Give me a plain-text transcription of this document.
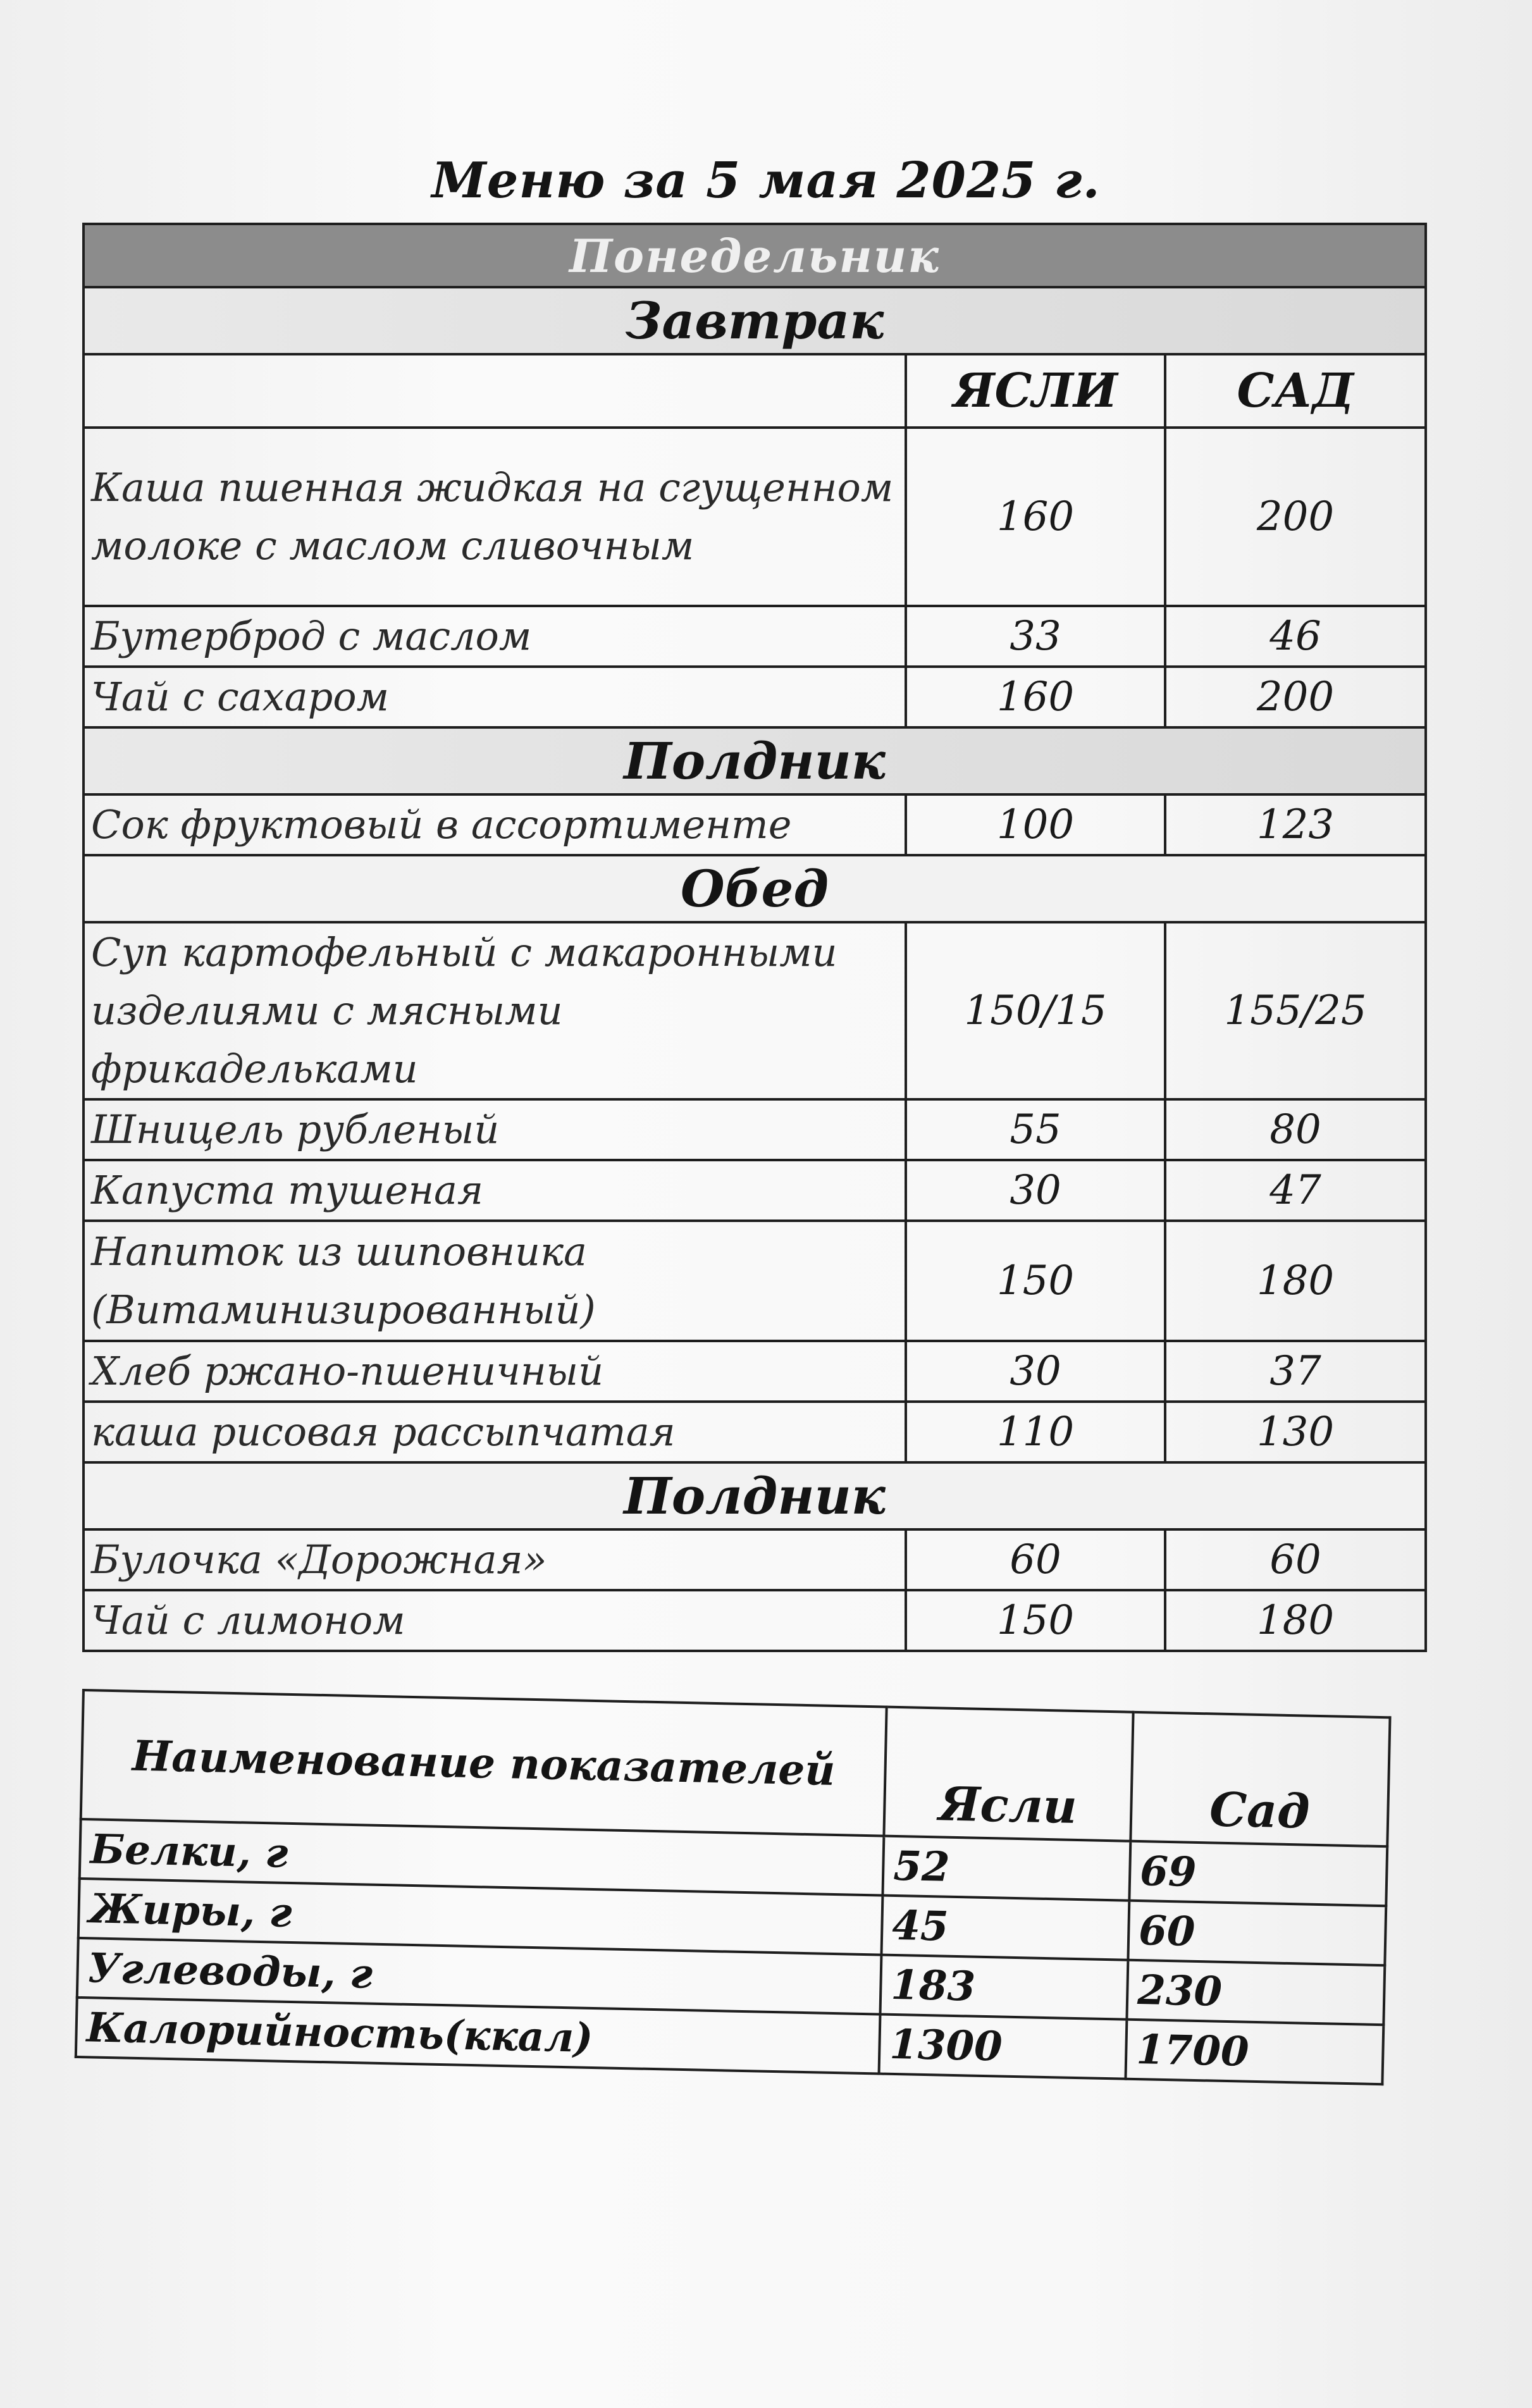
Меню за 5 мая 2025 г.
Понедельник		
Завтрак		
	ЯСЛИ	САД
Каша пшенная жидкая на сгущенном молоке с маслом сливочным	160	200
Бутерброд с маслом	33	46
Чай с сахаром	160	200
Полдник		
Сок фруктовый в ассортименте	100	123
Обед		
Суп картофельный с макаронными изделиями с мясными фрикадельками	150/15	155/25
Шницель рубленый	55	80
Капуста тушеная	30	47
Напиток из шиповника (Витаминизированный)	150	180
Хлеб ржано-пшеничный	30	37
каша рисовая рассыпчатая	110	130
Полдник		
Булочка «Дорожная»	60	60
Чай с лимоном	150	180
Наименование показателей	Ясли	Сад
Белки, г	52	69
Жиры, г	45	60
Углеводы, г	183	230
Калорийность(ккал)	1300	1700
